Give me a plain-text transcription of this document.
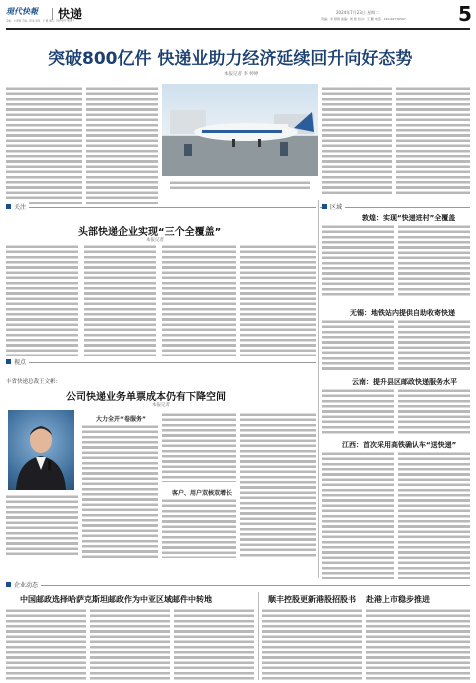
現代快報 快递
责编：李 婷婷 美编：周 艳 校对：王 鹏 电话：010-69776597
2024年7月23日 星期二
责编：李 婷婷 美编：周 艳 校对：王 鹏 电话：010-69776597	5
突破800亿件 快递业助力经济延续回升向好态势
本报记者 李 婷婷
关注
头部快递企业实现“三个全覆盖”
本报记者
区域
敦煌：实现“快递进村”全覆盖
无锡：地铁站内提供自助收寄快递
云南：提升县区邮政快递服务水平
江西：首次采用高铁确认车“送快递”
视点
丰省快递总裁王文彬：
公司快递业务单票成本仍有下降空间
本报记者
大力全开“卷服务”
客户、用户双核双增长
企业动态
中国邮政选择哈萨克斯坦邮政作为中亚区域邮件中转地	顺丰控股更新港股招股书 赴港上市稳步推进
